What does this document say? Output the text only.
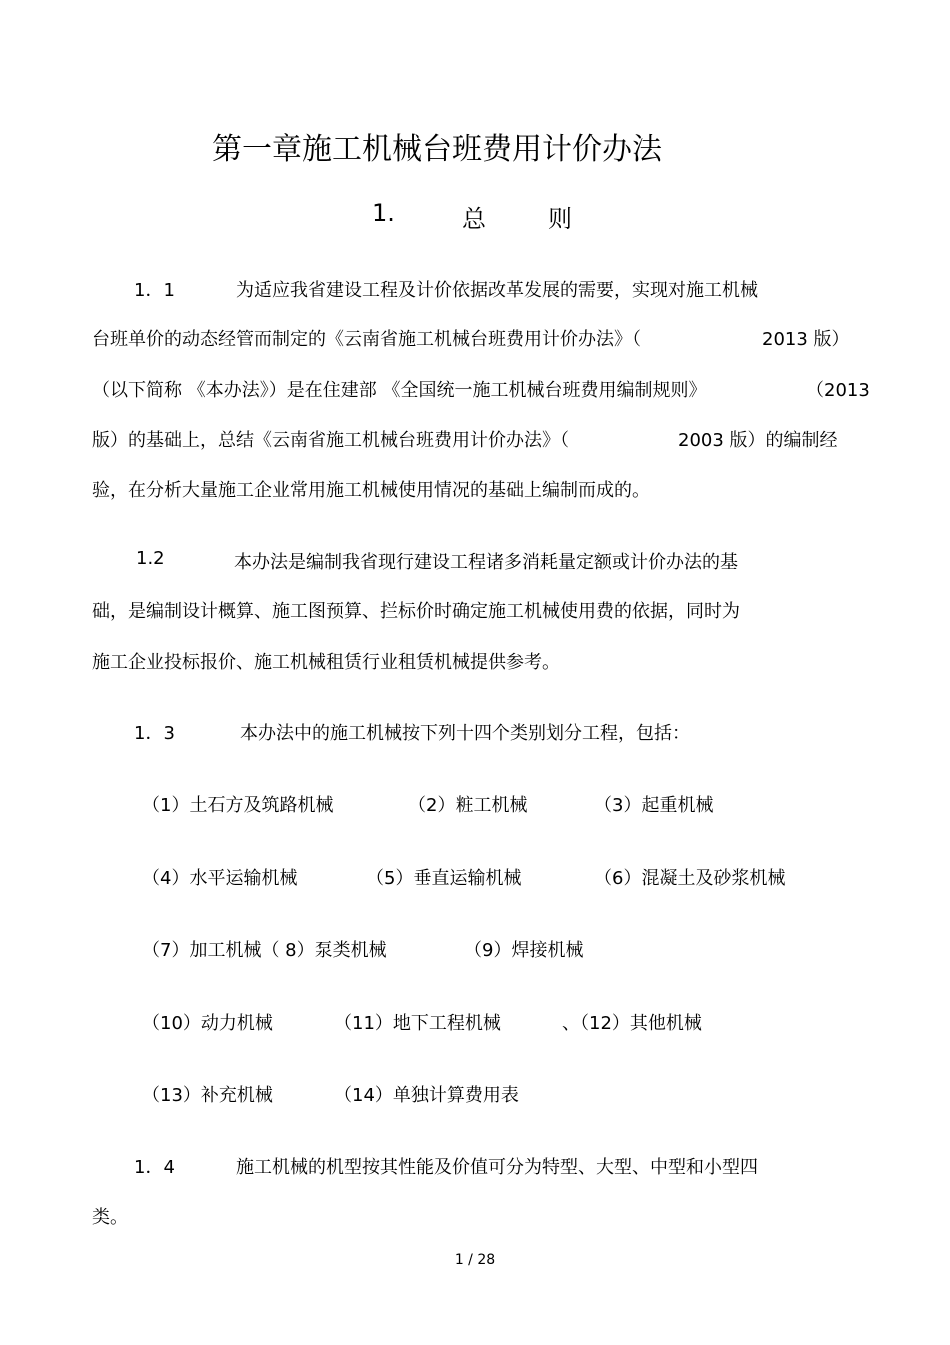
第一章施工机械台班费用计价办法
1.	总	则
1．1	为适应我省建设工程及计价依据改革发展的需要，实现对施工机械
台班单价的动态经管而制定的《云南省施工机械台班费用计价办法》（	2013 版）
（以下简称 《本办法》）是在住建部 《全国统一施工机械台班费用编制规则》	（2013
版）的基础上，总结《云南省施工机械台班费用计价办法》（	2003 版）的编制经
验，在分析大量施工企业常用施工机械使用情况的基础上编制而成的。
1.2	本办法是编制我省现行建设工程诸多消耗量定额或计价办法的基
础，是编制设计概算、施工图预算、拦标价时确定施工机械使用费的依据，同时为
施工企业投标报价、施工机械租赁行业租赁机械提供参考。
1．3	本办法中的施工机械按下列十四个类别划分工程，包括：
（1）土石方及筑路机械	（2）粧工机械	（3）起重机械
（4）水平运输机械	（5）垂直运输机械	（6）混凝土及砂浆机械
（7）加工机械（ 8）泵类机械	（9）焊接机械
（10）动力机械	（11）地下工程机械	、（12）其他机械
（13）补充机械	（14）单独计算费用表
1．4	施工机械的机型按其性能及价值可分为特型、大型、中型和小型四
类。
1 / 28
